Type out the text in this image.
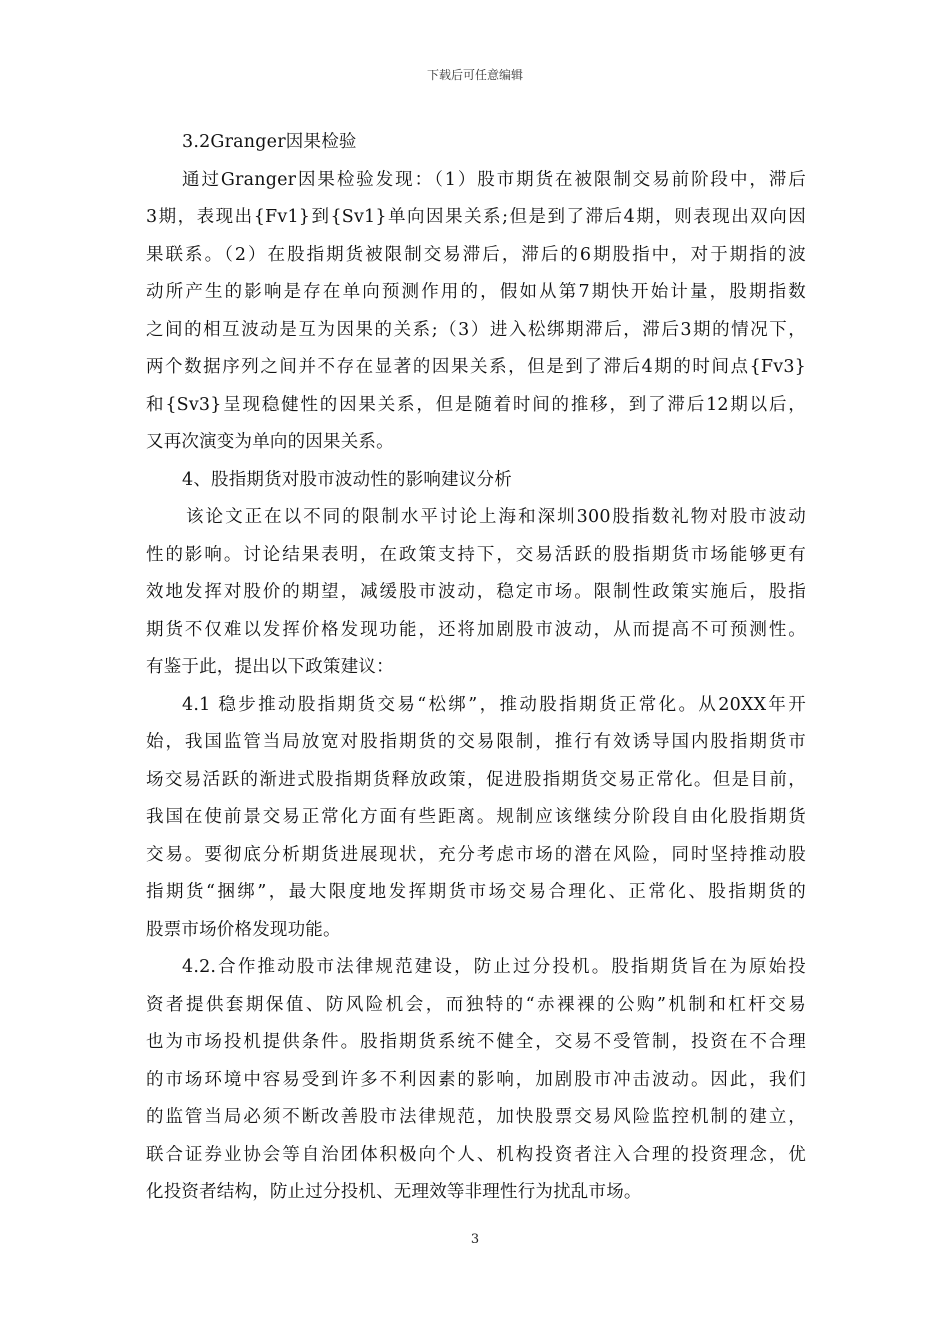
下载后可任意编辑
3.2Granger因果检验
通过Granger因果检验发现：（1）股市期货在被限制交易前阶段中，滞后
3期，表现出{Fv1}到{Sv1}单向因果关系;但是到了滞后4期，则表现出双向因
果联系。（2）在股指期货被限制交易滞后，滞后的6期股指中，对于期指的波
动所产生的影响是存在单向预测作用的，假如从第7期快开始计量，股期指数
之间的相互波动是互为因果的关系;（3）进入松绑期滞后，滞后3期的情况下，
两个数据序列之间并不存在显著的因果关系，但是到了滞后4期的时间点{Fv3}
和{Sv3}呈现稳健性的因果关系，但是随着时间的推移，到了滞后12期以后，
又再次演变为单向的因果关系。
4、股指期货对股市波动性的影响建议分析
该论文正在以不同的限制水平讨论上海和深圳300股指数礼物对股市波动
性的影响。讨论结果表明，在政策支持下，交易活跃的股指期货市场能够更有
效地发挥对股价的期望，减缓股市波动，稳定市场。限制性政策实施后，股指
期货不仅难以发挥价格发现功能，还将加剧股市波动，从而提高不可预测性。
有鉴于此，提出以下政策建议：
4.1 稳步推动股指期货交易“松绑”，推动股指期货正常化。从20XX年开
始，我国监管当局放宽对股指期货的交易限制，推行有效诱导国内股指期货市
场交易活跃的渐进式股指期货释放政策，促进股指期货交易正常化。但是目前，
我国在使前景交易正常化方面有些距离。规制应该继续分阶段自由化股指期货
交易。要彻底分析期货进展现状，充分考虑市场的潜在风险，同时坚持推动股
指期货“捆绑”，最大限度地发挥期货市场交易合理化、正常化、股指期货的
股票市场价格发现功能。
4.2.合作推动股市法律规范建设，防止过分投机。股指期货旨在为原始投
资者提供套期保值、防风险机会，而独特的“赤裸裸的公购”机制和杠杆交易
也为市场投机提供条件。股指期货系统不健全，交易不受管制，投资在不合理
的市场环境中容易受到许多不利因素的影响，加剧股市冲击波动。因此，我们
的监管当局必须不断改善股市法律规范，加快股票交易风险监控机制的建立，
联合证券业协会等自治团体积极向个人、机构投资者注入合理的投资理念，优
化投资者结构，防止过分投机、无理效等非理性行为扰乱市场。
3
